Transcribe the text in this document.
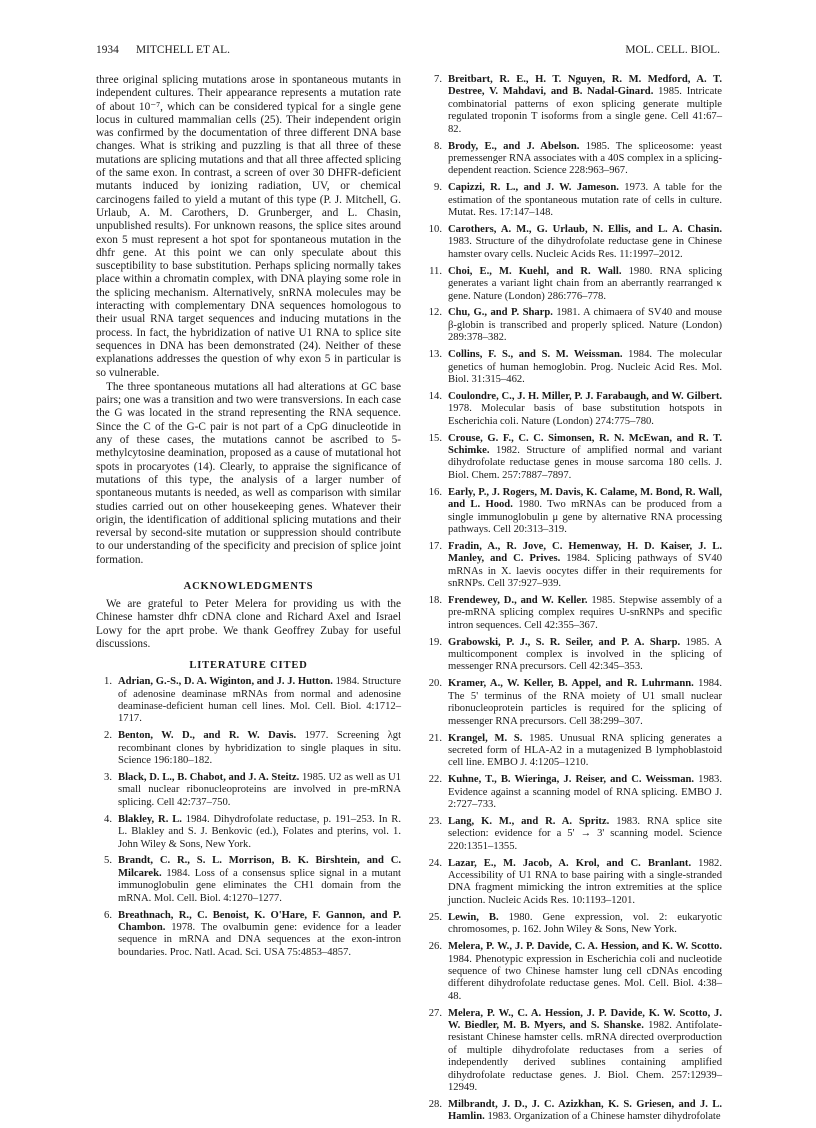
1934 MITCHELL ET AL.	MOL. CELL. BIOL.

three original splicing mutations arose in spontaneous mutants in independent cultures. Their appearance represents a mutation rate of about 10⁻⁷, which can be considered typical for a single gene locus in cultured mammalian cells (25). Their independent origin was confirmed by the documentation of three different DNA base changes. What is striking and puzzling is that all three of these mutations are splicing mutations and that all three affected splicing of the same exon. In contrast, a screen of over 30 DHFR-deficient mutants induced by ionizing radiation, UV, or chemical carcinogens failed to yield a mutant of this type (P. J. Mitchell, G. Urlaub, A. M. Carothers, D. Grunberger, and L. Chasin, unpublished results). For unknown reasons, the splice sites around exon 5 must represent a hot spot for spontaneous mutation in the dhfr gene. At this point we can only speculate about this susceptibility to base substitution. Perhaps splicing normally takes place within a chromatin complex, with DNA playing some role in the splicing mechanism. Alternatively, snRNA molecules may be interacting with complementary DNA sequences homologous to their usual RNA target sequences and inducing mutations in the process. In fact, the hybridization of native U1 RNA to splice site sequences in DNA has been demonstrated (24). Neither of these explanations addresses the question of why exon 5 in particular is so vulnerable.

The three spontaneous mutations all had alterations at GC base pairs; one was a transition and two were transversions. In each case the G was located in the strand representing the RNA sequence. Since the C of the G-C pair is not part of a CpG dinucleotide in any of these cases, the mutations cannot be ascribed to 5-methylcytosine deamination, proposed as a cause of mutational hot spots in procaryotes (14). Clearly, to appraise the significance of mutations of this type, the analysis of a larger number of spontaneous mutants is needed, as well as comparison with similar studies carried out on other housekeeping genes. Whatever their origin, the identification of additional splicing mutations and their reversal by second-site mutation or suppression should contribute to our understanding of the specificity and precision of splice joint formation.

ACKNOWLEDGMENTS

We are grateful to Peter Melera for providing us with the Chinese hamster dhfr cDNA clone and Richard Axel and Israel Lowy for the aprt probe. We thank Geoffrey Zubay for useful discussions.

LITERATURE CITED
1. Adrian, G.-S., D. A. Wiginton, and J. J. Hutton. 1984. Structure of adenosine deaminase mRNAs from normal and adenosine deaminase-deficient human cell lines. Mol. Cell. Biol. 4:1712–1717.
2. Benton, W. D., and R. W. Davis. 1977. Screening λgt recombinant clones by hybridization to single plaques in situ. Science 196:180–182.
3. Black, D. L., B. Chabot, and J. A. Steitz. 1985. U2 as well as U1 small nuclear ribonucleoproteins are involved in pre-mRNA splicing. Cell 42:737–750.
4. Blakley, R. L. 1984. Dihydrofolate reductase, p. 191–253. In R. L. Blakley and S. J. Benkovic (ed.), Folates and pterins, vol. 1. John Wiley & Sons, New York.
5. Brandt, C. R., S. L. Morrison, B. K. Birshtein, and C. Milcarek. 1984. Loss of a consensus splice signal in a mutant immunoglobulin gene eliminates the CH1 domain from the mRNA. Mol. Cell. Biol. 4:1270–1277.
6. Breathnach, R., C. Benoist, K. O'Hare, F. Gannon, and P. Chambon. 1978. The ovalbumin gene: evidence for a leader sequence in mRNA and DNA sequences at the exon-intron boundaries. Proc. Natl. Acad. Sci. USA 75:4853–4857.
7. Breitbart, R. E., H. T. Nguyen, R. M. Medford, A. T. Destree, V. Mahdavi, and B. Nadal-Ginard. 1985. Intricate combinatorial patterns of exon splicing generate multiple regulated troponin T isoforms from a single gene. Cell 41:67–82.
8. Brody, E., and J. Abelson. 1985. The spliceosome: yeast premessenger RNA associates with a 40S complex in a splicing-dependent reaction. Science 228:963–967.
9. Capizzi, R. L., and J. W. Jameson. 1973. A table for the estimation of the spontaneous mutation rate of cells in culture. Mutat. Res. 17:147–148.
10. Carothers, A. M., G. Urlaub, N. Ellis, and L. A. Chasin. 1983. Structure of the dihydrofolate reductase gene in Chinese hamster ovary cells. Nucleic Acids Res. 11:1997–2012.
11. Choi, E., M. Kuehl, and R. Wall. 1980. RNA splicing generates a variant light chain from an aberrantly rearranged κ gene. Nature (London) 286:776–778.
12. Chu, G., and P. Sharp. 1981. A chimaera of SV40 and mouse β-globin is transcribed and properly spliced. Nature (London) 289:378–382.
13. Collins, F. S., and S. M. Weissman. 1984. The molecular genetics of human hemoglobin. Prog. Nucleic Acid Res. Mol. Biol. 31:315–462.
14. Coulondre, C., J. H. Miller, P. J. Farabaugh, and W. Gilbert. 1978. Molecular basis of base substitution hotspots in Escherichia coli. Nature (London) 274:775–780.
15. Crouse, G. F., C. C. Simonsen, R. N. McEwan, and R. T. Schimke. 1982. Structure of amplified normal and variant dihydrofolate reductase genes in mouse sarcoma 180 cells. J. Biol. Chem. 257:7887–7897.
16. Early, P., J. Rogers, M. Davis, K. Calame, M. Bond, R. Wall, and L. Hood. 1980. Two mRNAs can be produced from a single immunoglobulin μ gene by alternative RNA processing pathways. Cell 20:313–319.
17. Fradin, A., R. Jove, C. Hemenway, H. D. Kaiser, J. L. Manley, and C. Prives. 1984. Splicing pathways of SV40 mRNAs in X. laevis oocytes differ in their requirements for snRNPs. Cell 37:927–939.
18. Frendewey, D., and W. Keller. 1985. Stepwise assembly of a pre-mRNA splicing complex requires U-snRNPs and specific intron sequences. Cell 42:355–367.
19. Grabowski, P. J., S. R. Seiler, and P. A. Sharp. 1985. A multicomponent complex is involved in the splicing of messenger RNA precursors. Cell 42:345–353.
20. Kramer, A., W. Keller, B. Appel, and R. Luhrmann. 1984. The 5' terminus of the RNA moiety of U1 small nuclear ribonucleoprotein particles is required for the splicing of messenger RNA precursors. Cell 38:299–307.
21. Krangel, M. S. 1985. Unusual RNA splicing generates a secreted form of HLA-A2 in a mutagenized B lymphoblastoid cell line. EMBO J. 4:1205–1210.
22. Kuhne, T., B. Wieringa, J. Reiser, and C. Weissman. 1983. Evidence against a scanning model of RNA splicing. EMBO J. 2:727–733.
23. Lang, K. M., and R. A. Spritz. 1983. RNA splice site selection: evidence for a 5' → 3' scanning model. Science 220:1351–1355.
24. Lazar, E., M. Jacob, A. Krol, and C. Branlant. 1982. Accessibility of U1 RNA to base pairing with a single-stranded DNA fragment mimicking the intron extremities at the splice junction. Nucleic Acids Res. 10:1193–1201.
25. Lewin, B. 1980. Gene expression, vol. 2: eukaryotic chromosomes, p. 162. John Wiley & Sons, New York.
26. Melera, P. W., J. P. Davide, C. A. Hession, and K. W. Scotto. 1984. Phenotypic expression in Escherichia coli and nucleotide sequence of two Chinese hamster lung cell cDNAs encoding different dihydrofolate reductase genes. Mol. Cell. Biol. 4:38–48.
27. Melera, P. W., C. A. Hession, J. P. Davide, K. W. Scotto, J. W. Biedler, M. B. Myers, and S. Shanske. 1982. Antifolate-resistant Chinese hamster cells. mRNA directed overproduction of multiple dihydrofolate reductases from a series of independently derived sublines containing amplified dihydrofolate reductase genes. J. Biol. Chem. 257:12939–12949.
28. Milbrandt, J. D., J. C. Azizkhan, K. S. Griesen, and J. L. Hamlin. 1983. Organization of a Chinese hamster dihydrofolate
